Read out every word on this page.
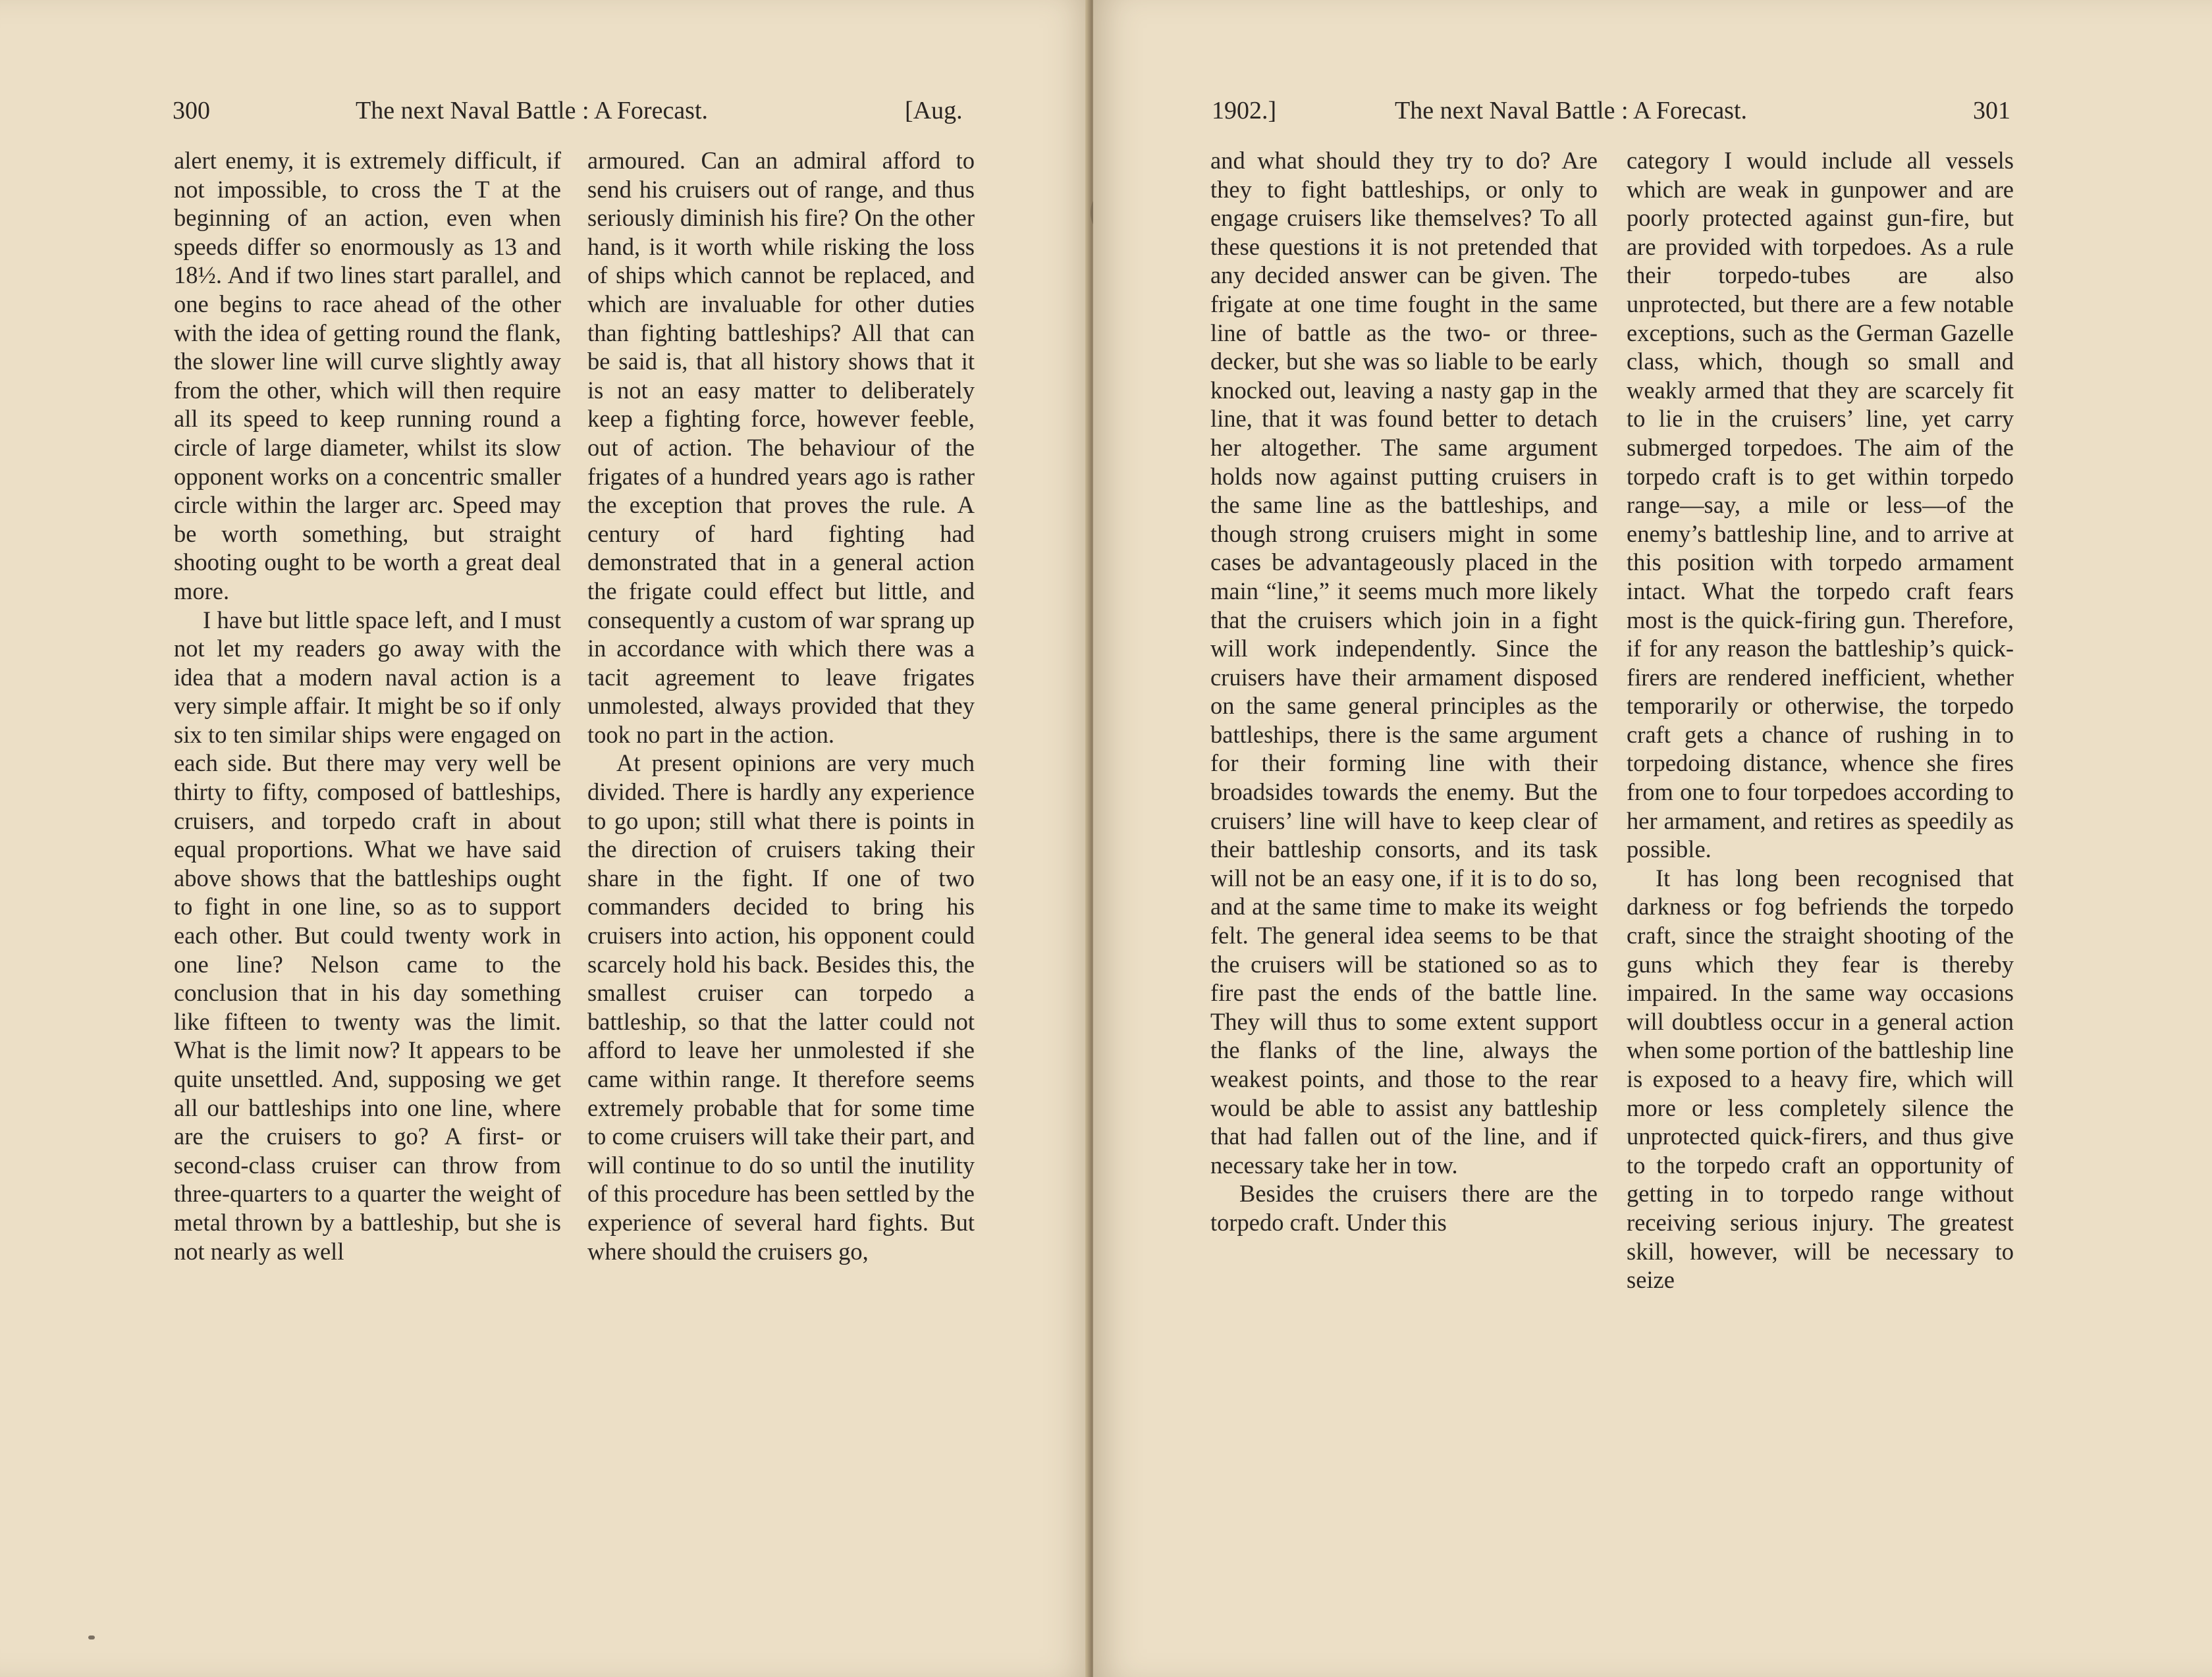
300	The next Naval Battle : A Forecast.	[Aug.

alert enemy, it is extremely difficult, if not impossible, to cross the T at the beginning of an action, even when speeds differ so enormously as 13 and 18½. And if two lines start parallel, and one begins to race ahead of the other with the idea of getting round the flank, the slower line will curve slightly away from the other, which will then require all its speed to keep running round a circle of large diameter, whilst its slow opponent works on a concentric smaller circle within the larger arc. Speed may be worth something, but straight shooting ought to be worth a great deal more.

I have but little space left, and I must not let my readers go away with the idea that a modern naval action is a very simple affair. It might be so if only six to ten similar ships were engaged on each side. But there may very well be thirty to fifty, composed of battleships, cruisers, and torpedo craft in about equal proportions. What we have said above shows that the battleships ought to fight in one line, so as to support each other. But could twenty work in one line? Nelson came to the conclusion that in his day something like fifteen to twenty was the limit. What is the limit now? It appears to be quite unsettled. And, supposing we get all our battleships into one line, where are the cruisers to go? A first- or second-class cruiser can throw from three-quarters to a quarter the weight of metal thrown by a battleship, but she is not nearly as well

armoured. Can an admiral afford to send his cruisers out of range, and thus seriously diminish his fire? On the other hand, is it worth while risking the loss of ships which cannot be replaced, and which are invaluable for other duties than fighting battleships? All that can be said is, that all history shows that it is not an easy matter to deliberately keep a fighting force, however feeble, out of action. The behaviour of the frigates of a hundred years ago is rather the exception that proves the rule. A century of hard fighting had demonstrated that in a general action the frigate could effect but little, and consequently a custom of war sprang up in accordance with which there was a tacit agreement to leave frigates unmolested, always provided that they took no part in the action.

At present opinions are very much divided. There is hardly any experience to go upon; still what there is points in the direction of cruisers taking their share in the fight. If one of two commanders decided to bring his cruisers into action, his opponent could scarcely hold his back. Besides this, the smallest cruiser can torpedo a battleship, so that the latter could not afford to leave her unmolested if she came within range. It therefore seems extremely probable that for some time to come cruisers will take their part, and will continue to do so until the inutility of this procedure has been settled by the experience of several hard fights. But where should the cruisers go,

1902.]	The next Naval Battle : A Forecast.	301

and what should they try to do? Are they to fight battleships, or only to engage cruisers like themselves? To all these questions it is not pretended that any decided answer can be given. The frigate at one time fought in the same line of battle as the two- or three-decker, but she was so liable to be early knocked out, leaving a nasty gap in the line, that it was found better to detach her altogether. The same argument holds now against putting cruisers in the same line as the battleships, and though strong cruisers might in some cases be advantageously placed in the main “line,” it seems much more likely that the cruisers which join in a fight will work independently. Since the cruisers have their armament disposed on the same general principles as the battleships, there is the same argument for their forming line with their broadsides towards the enemy. But the cruisers’ line will have to keep clear of their battleship consorts, and its task will not be an easy one, if it is to do so, and at the same time to make its weight felt. The general idea seems to be that the cruisers will be stationed so as to fire past the ends of the battle line. They will thus to some extent support the flanks of the line, always the weakest points, and those to the rear would be able to assist any battleship that had fallen out of the line, and if necessary take her in tow.

Besides the cruisers there are the torpedo craft. Under this

category I would include all vessels which are weak in gunpower and are poorly protected against gun-fire, but are provided with torpedoes. As a rule their torpedo-tubes are also unprotected, but there are a few notable exceptions, such as the German Gazelle class, which, though so small and weakly armed that they are scarcely fit to lie in the cruisers’ line, yet carry submerged torpedoes. The aim of the torpedo craft is to get within torpedo range—say, a mile or less—of the enemy’s battleship line, and to arrive at this position with torpedo armament intact. What the torpedo craft fears most is the quick-firing gun. Therefore, if for any reason the battleship’s quick-firers are rendered inefficient, whether temporarily or otherwise, the torpedo craft gets a chance of rushing in to torpedoing distance, whence she fires from one to four torpedoes according to her armament, and retires as speedily as possible.

It has long been recognised that darkness or fog befriends the torpedo craft, since the straight shooting of the guns which they fear is thereby impaired. In the same way occasions will doubtless occur in a general action when some portion of the battleship line is exposed to a heavy fire, which will more or less completely silence the unprotected quick-firers, and thus give to the torpedo craft an opportunity of getting in to torpedo range without receiving serious injury. The greatest skill, however, will be necessary to seize
